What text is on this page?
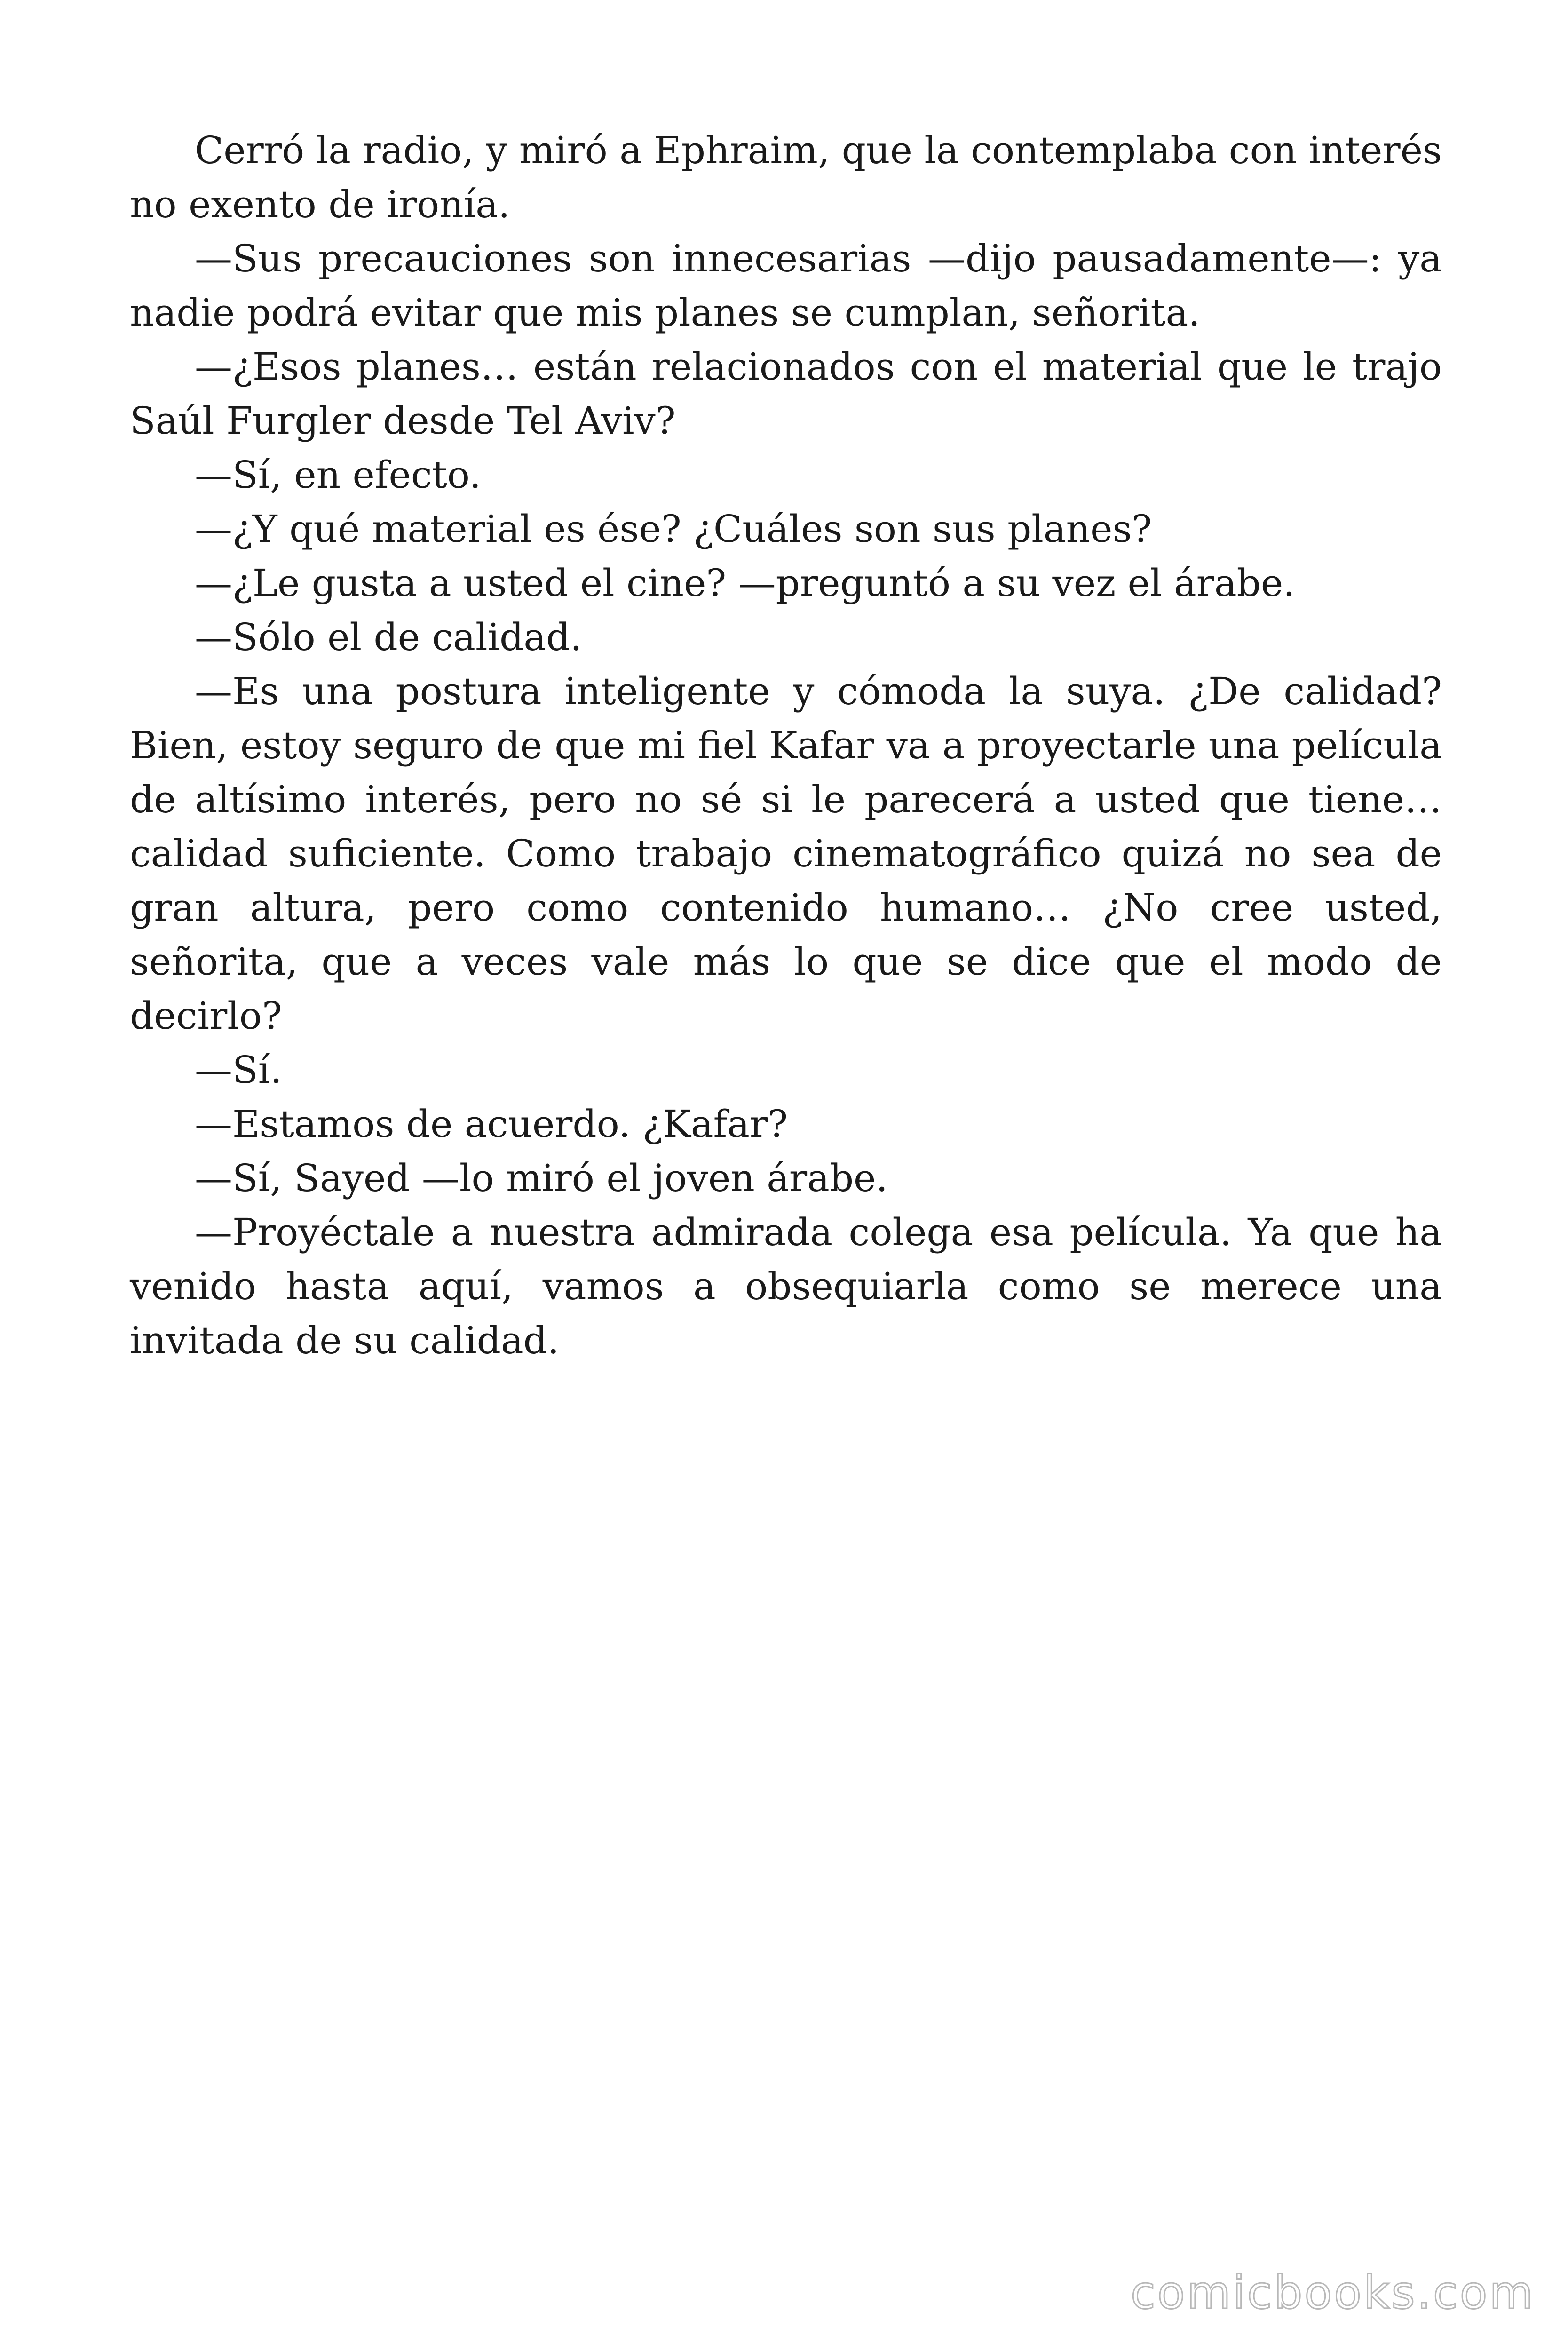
Cerró la radio, y miró a Ephraim, que la contemplaba con interés no exento de ironía.

—Sus precauciones son innecesarias —dijo pausadamente—: ya nadie podrá evitar que mis planes se cumplan, señorita.

—¿Esos planes… están relacionados con el material que le trajo Saúl Furgler desde Tel Aviv?

—Sí, en efecto.

—¿Y qué material es ése? ¿Cuáles son sus planes?

—¿Le gusta a usted el cine? —preguntó a su vez el árabe.

—Sólo el de calidad.

—Es una postura inteligente y cómoda la suya. ¿De calidad? Bien, estoy seguro de que mi fiel Kafar va a proyectarle una película de altísimo interés, pero no sé si le parecerá a usted que tiene… calidad suficiente. Como trabajo cinematográfico quizá no sea de gran altura, pero como contenido humano… ¿No cree usted, señorita, que a veces vale más lo que se dice que el modo de decirlo?

—Sí.

—Estamos de acuerdo. ¿Kafar?

—Sí, Sayed —lo miró el joven árabe.

—Proyéctale a nuestra admirada colega esa película. Ya que ha venido hasta aquí, vamos a obsequiarla como se merece una invitada de su calidad.

comicbooks.com
